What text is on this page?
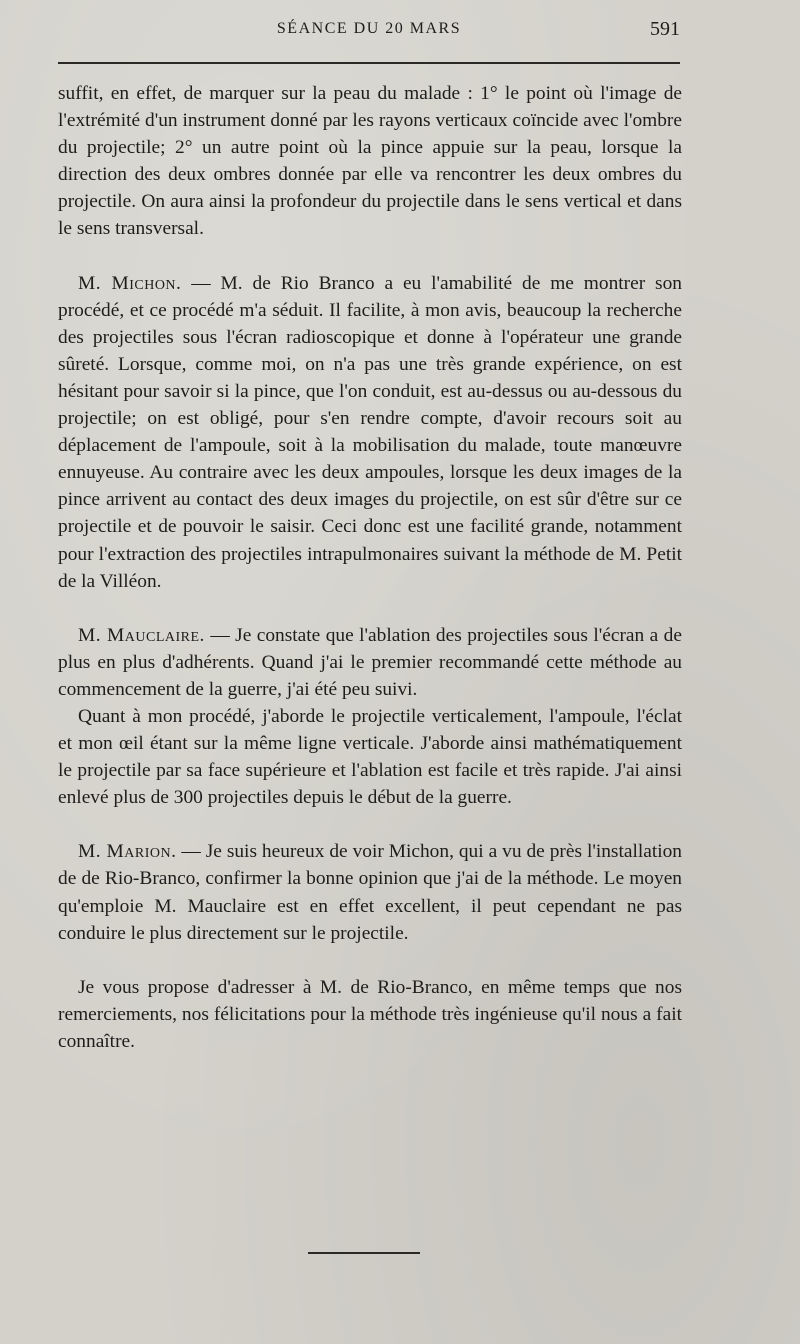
SÉANCE DU 20 MARS	591

suffit, en effet, de marquer sur la peau du malade : 1° le point où l'image de l'extrémité d'un instrument donné par les rayons verticaux coïncide avec l'ombre du projectile; 2° un autre point où la pince appuie sur la peau, lorsque la direction des deux ombres donnée par elle va rencontrer les deux ombres du projectile. On aura ainsi la profondeur du projectile dans le sens vertical et dans le sens transversal.

M. Michon. — M. de Rio Branco a eu l'amabilité de me montrer son procédé, et ce procédé m'a séduit. Il facilite, à mon avis, beaucoup la recherche des projectiles sous l'écran radioscopique et donne à l'opérateur une grande sûreté. Lorsque, comme moi, on n'a pas une très grande expérience, on est hésitant pour savoir si la pince, que l'on conduit, est au-dessus ou au-dessous du projectile; on est obligé, pour s'en rendre compte, d'avoir recours soit au déplacement de l'ampoule, soit à la mobilisation du malade, toute manœuvre ennuyeuse. Au contraire avec les deux ampoules, lorsque les deux images de la pince arrivent au contact des deux images du projectile, on est sûr d'être sur ce projectile et de pouvoir le saisir. Ceci donc est une facilité grande, notamment pour l'extraction des projectiles intrapulmonaires suivant la méthode de M. Petit de la Villéon.

M. Mauclaire. — Je constate que l'ablation des projectiles sous l'écran a de plus en plus d'adhérents. Quand j'ai le premier recommandé cette méthode au commencement de la guerre, j'ai été peu suivi.

Quant à mon procédé, j'aborde le projectile verticalement, l'ampoule, l'éclat et mon œil étant sur la même ligne verticale. J'aborde ainsi mathématiquement le projectile par sa face supérieure et l'ablation est facile et très rapide. J'ai ainsi enlevé plus de 300 projectiles depuis le début de la guerre.

M. Marion. — Je suis heureux de voir Michon, qui a vu de près l'installation de de Rio-Branco, confirmer la bonne opinion que j'ai de la méthode. Le moyen qu'emploie M. Mauclaire est en effet excellent, il peut cependant ne pas conduire le plus directement sur le projectile.

Je vous propose d'adresser à M. de Rio-Branco, en même temps que nos remerciements, nos félicitations pour la méthode très ingénieuse qu'il nous a fait connaître.
